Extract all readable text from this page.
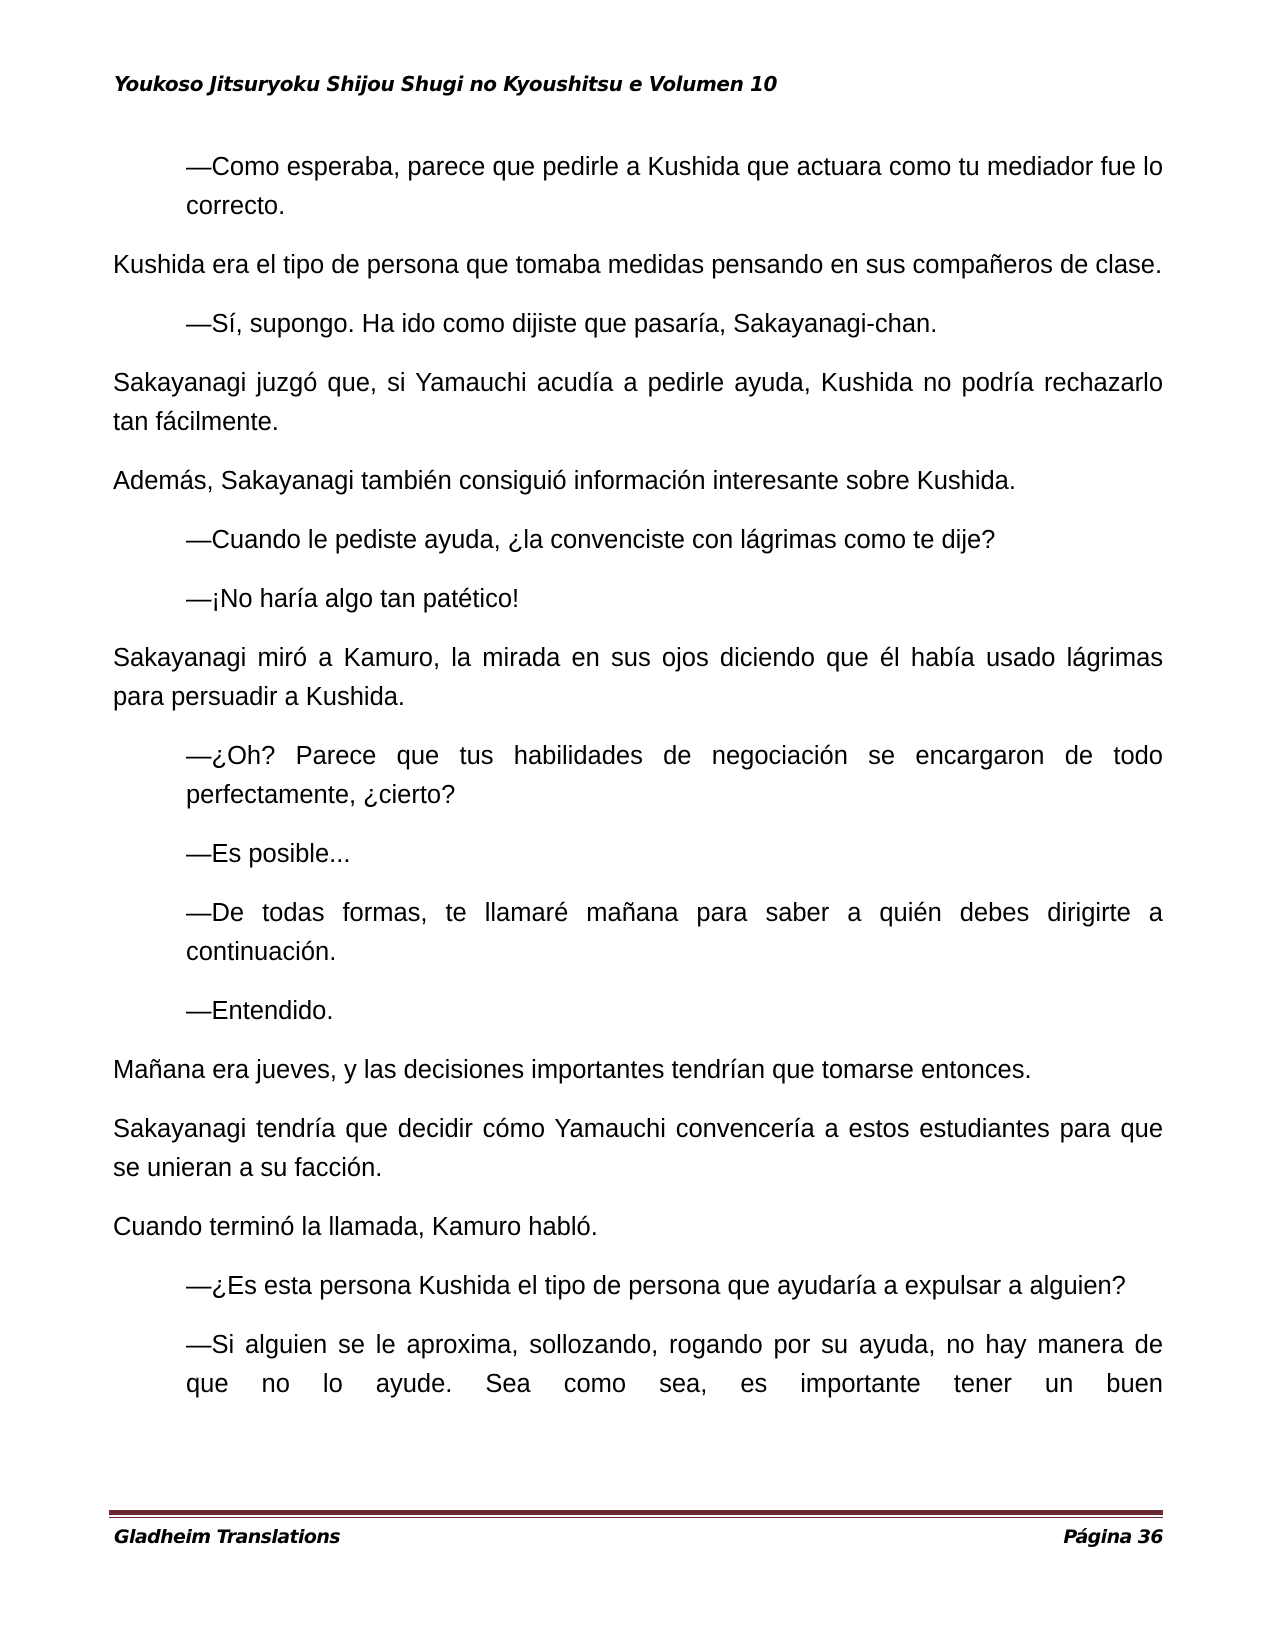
Youkoso Jitsuryoku Shijou Shugi no Kyoushitsu e Volumen 10

—Como esperaba, parece que pedirle a Kushida que actuara como tu mediador fue lo correcto.

Kushida era el tipo de persona que tomaba medidas pensando en sus compañeros de clase.

—Sí, supongo. Ha ido como dijiste que pasaría, Sakayanagi-chan.

Sakayanagi juzgó que, si Yamauchi acudía a pedirle ayuda, Kushida no podría rechazarlo tan fácilmente.

Además, Sakayanagi también consiguió información interesante sobre Kushida.

—Cuando le pediste ayuda, ¿la convenciste con lágrimas como te dije?

—¡No haría algo tan patético!

Sakayanagi miró a Kamuro, la mirada en sus ojos diciendo que él había usado lágrimas para persuadir a Kushida.

—¿Oh? Parece que tus habilidades de negociación se encargaron de todo perfectamente, ¿cierto?

—Es posible...

—De todas formas, te llamaré mañana para saber a quién debes dirigirte a continuación.

—Entendido.

Mañana era jueves, y las decisiones importantes tendrían que tomarse entonces.

Sakayanagi tendría que decidir cómo Yamauchi convencería a estos estudiantes para que se unieran a su facción.

Cuando terminó la llamada, Kamuro habló.

—¿Es esta persona Kushida el tipo de persona que ayudaría a expulsar a alguien?

—Si alguien se le aproxima, sollozando, rogando por su ayuda, no hay manera de que no lo ayude. Sea como sea, es importante tener un buen

Gladheim Translations	Página 36
